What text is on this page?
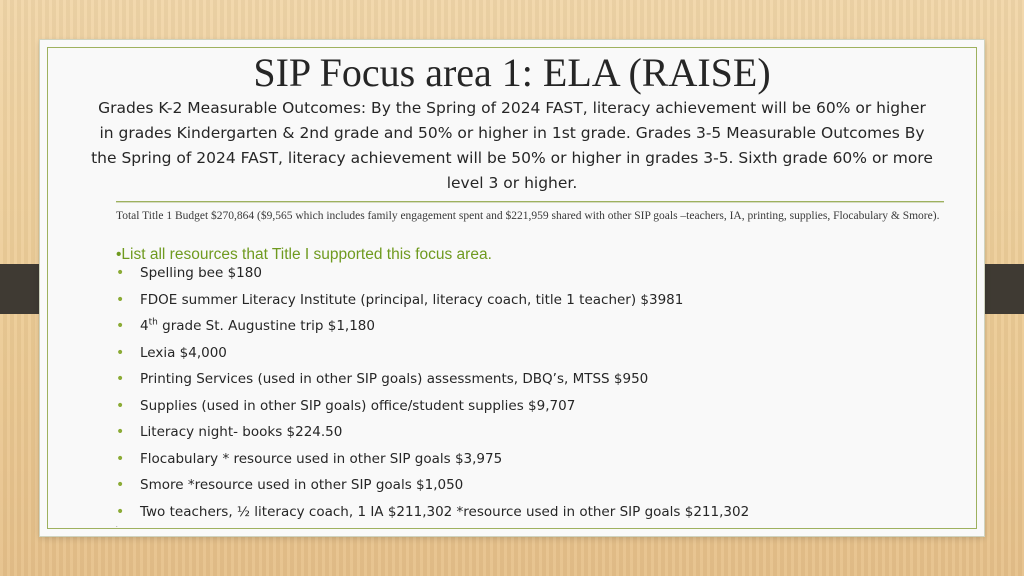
SIP Focus area 1: ELA (RAISE)
Grades K-2 Measurable Outcomes: By the Spring of 2024 FAST, literacy achievement will be 60% or higher in grades Kindergarten & 2nd grade and 50% or higher in 1st grade. Grades 3-5 Measurable Outcomes By the Spring of 2024 FAST, literacy achievement will be 50% or higher in grades 3-5. Sixth grade 60% or more level 3 or higher.
Total Title 1 Budget $270,864 ($9,565 which includes family engagement spent and $221,959 shared with other SIP goals –teachers, IA, printing, supplies, Flocabulary & Smore).
•List all resources that Title I supported this focus area.
• Spelling bee $180
• FDOE summer Literacy Institute (principal, literacy coach, title 1 teacher) $3981
• 4th grade St. Augustine trip $1,180
• Lexia $4,000
• Printing Services (used in other SIP goals) assessments, DBQ’s, MTSS $950
• Supplies (used in other SIP goals) office/student supplies $9,707
• Literacy night- books $224.50
• Flocabulary * resource used in other SIP goals $3,975
• Smore *resource used in other SIP goals $1,050
• Two teachers, ½ literacy coach, 1 IA $211,302 *resource used in other SIP goals $211,302
.
